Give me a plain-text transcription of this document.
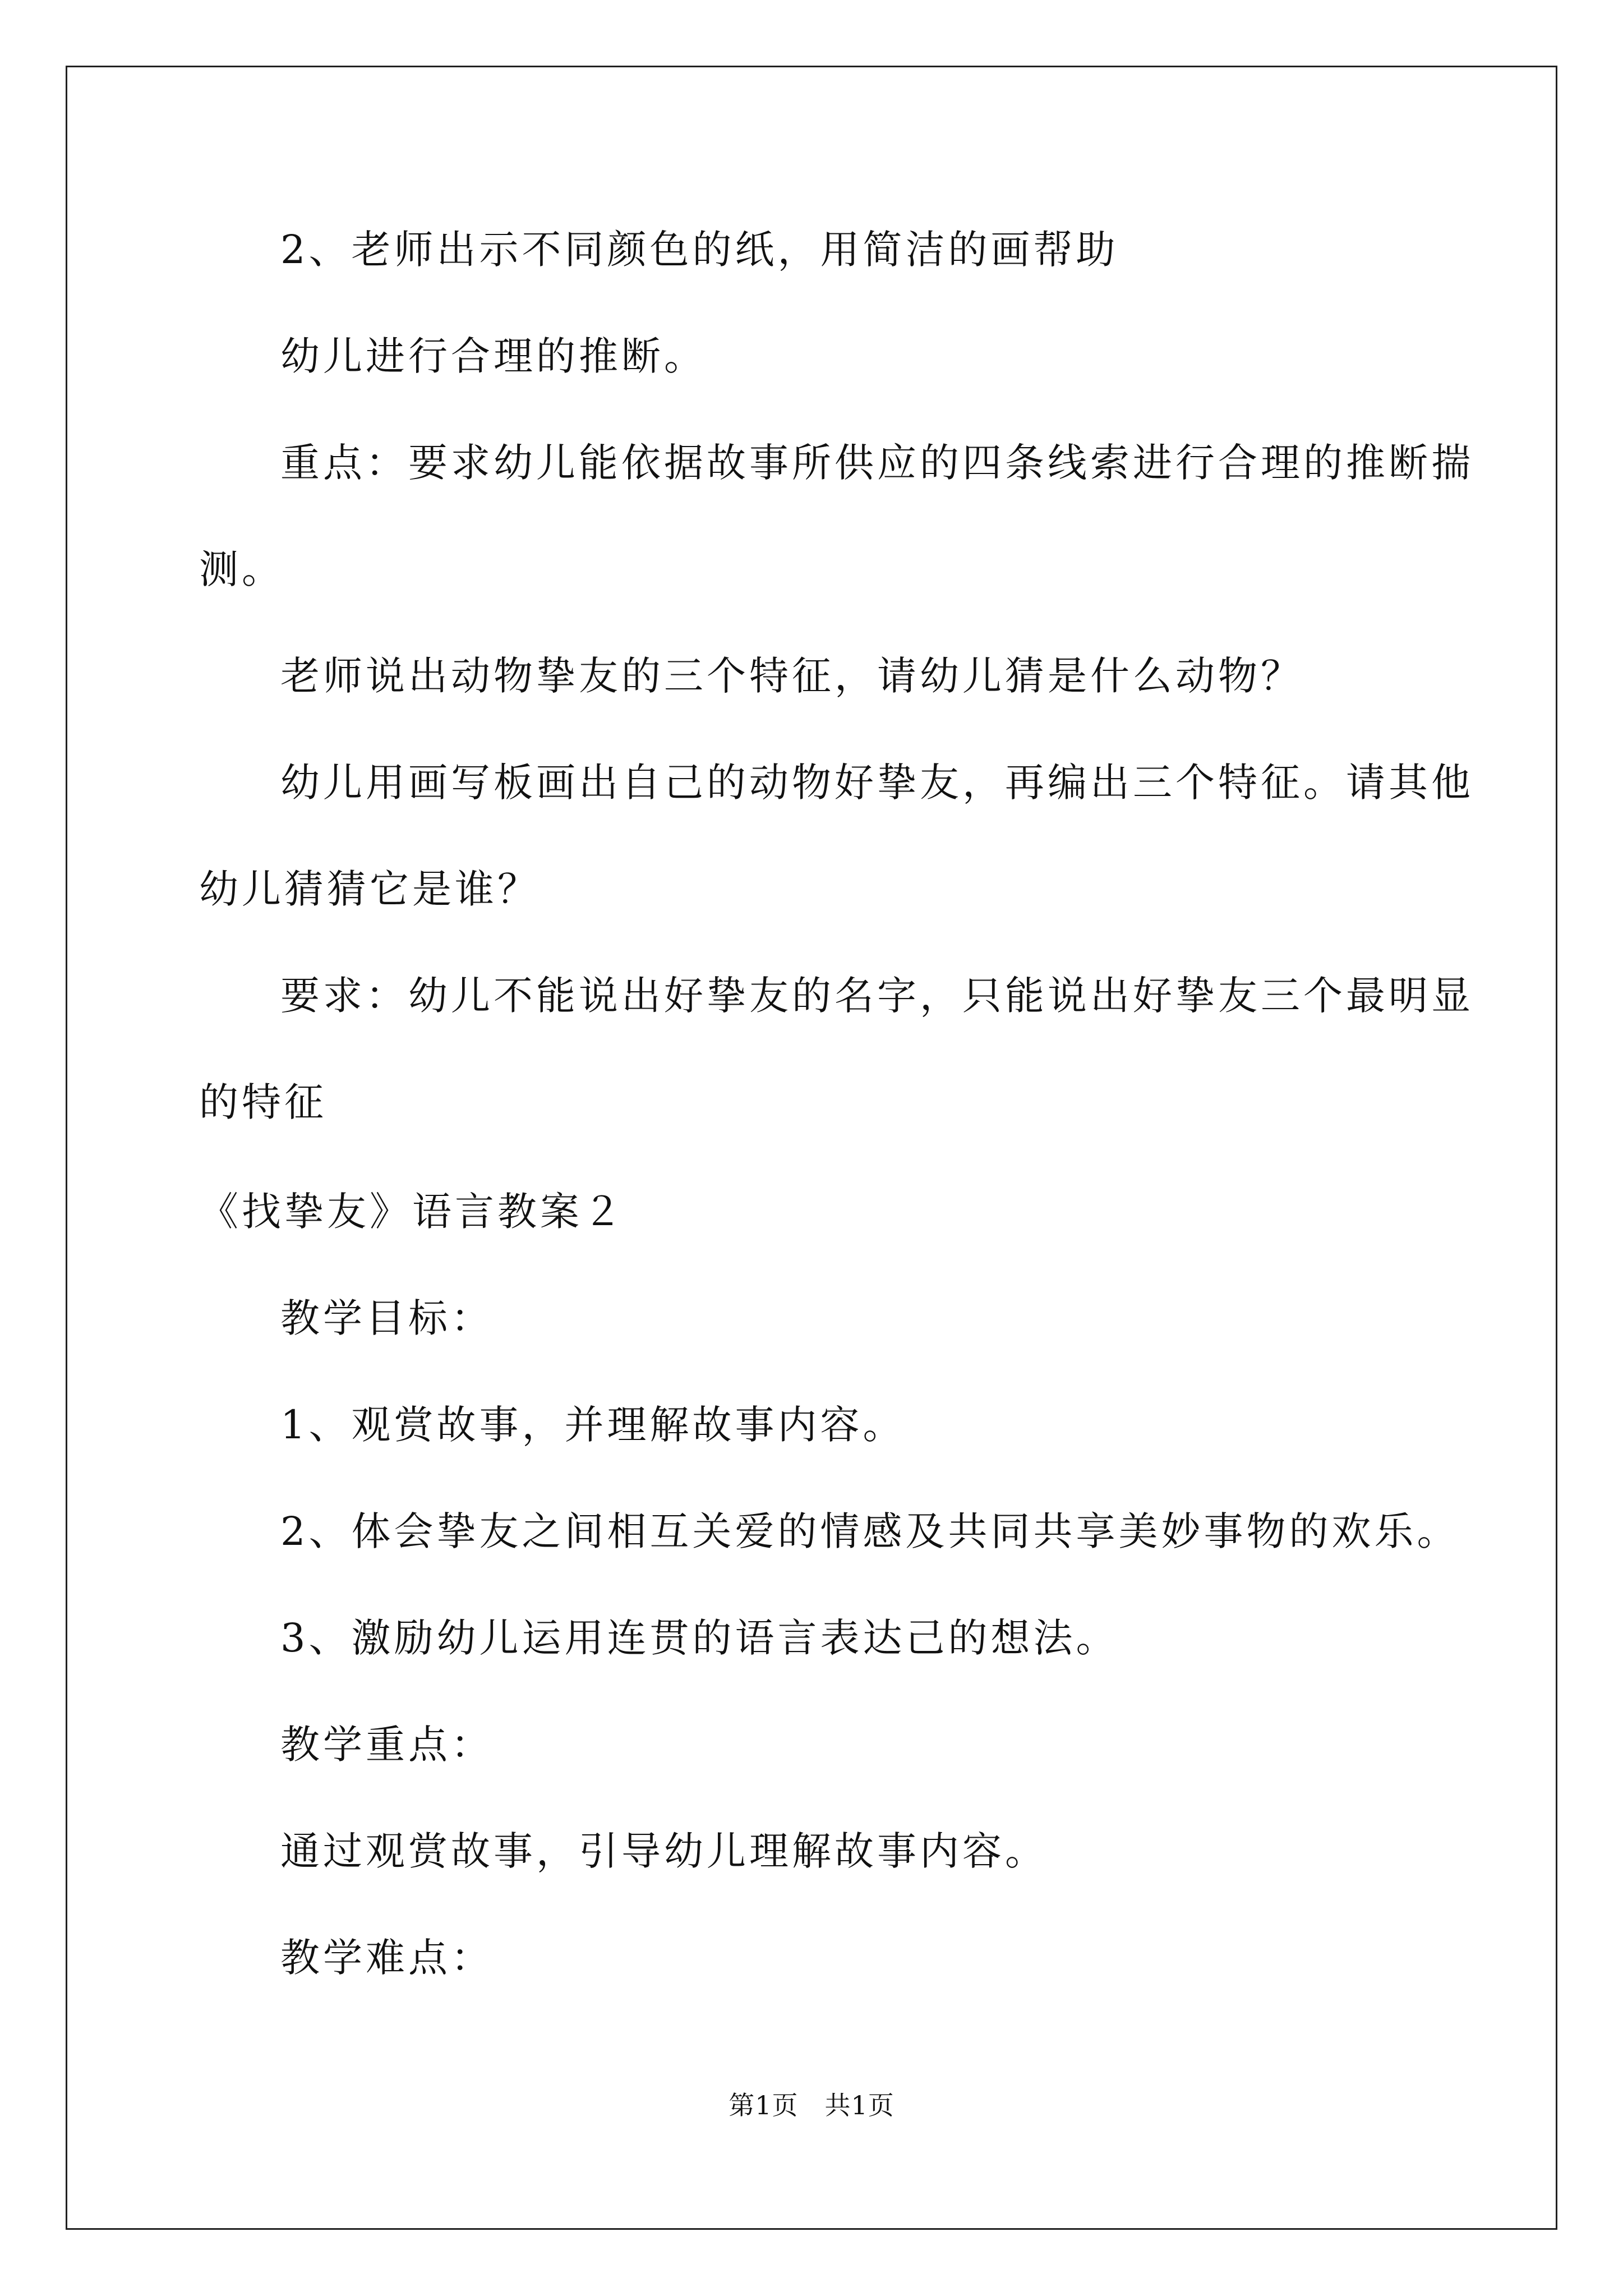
2、老师出示不同颜色的纸，用简洁的画帮助
幼儿进行合理的推断。
重点：要求幼儿能依据故事所供应的四条线索进行合理的推断揣
测。
老师说出动物挚友的三个特征，请幼儿猜是什么动物？
幼儿用画写板画出自己的动物好挚友，再编出三个特征。请其他
幼儿猜猜它是谁？
要求：幼儿不能说出好挚友的名字，只能说出好挚友三个最明显
的特征
《找挚友》语言教案２
教学目标：
1、观赏故事，并理解故事内容。
2、体会挚友之间相互关爱的情感及共同共享美妙事物的欢乐。
3、激励幼儿运用连贯的语言表达己的想法。
教学重点：
通过观赏故事，引导幼儿理解故事内容。
教学难点：
第1页　共1页
